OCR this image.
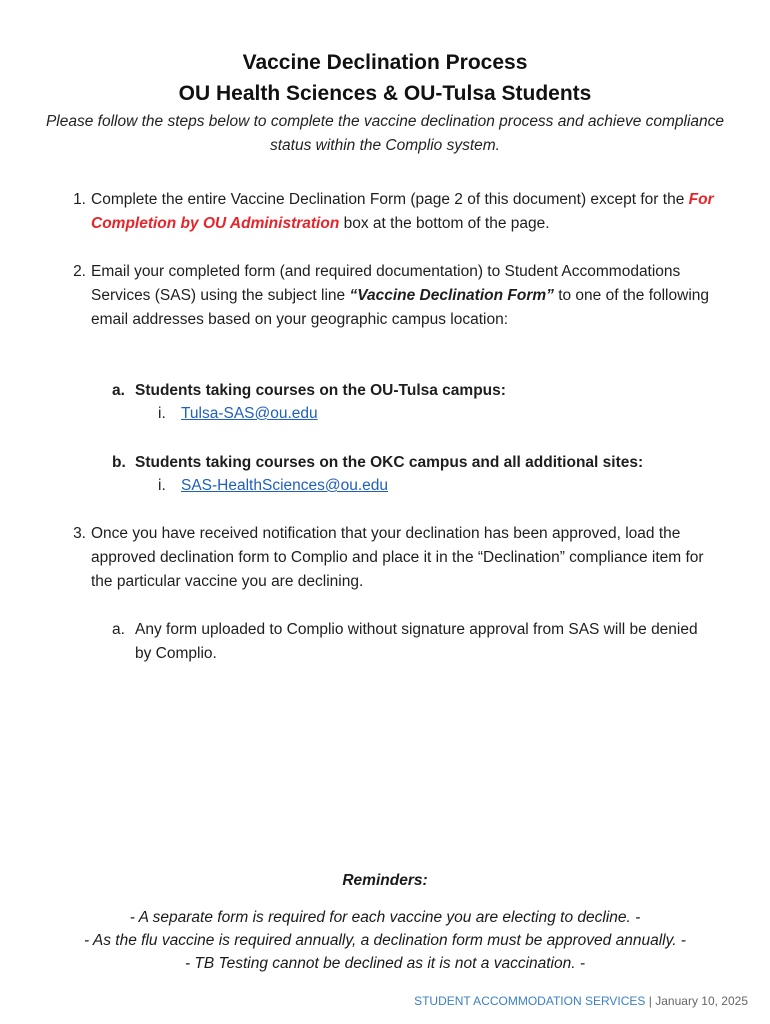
Vaccine Declination Process
OU Health Sciences & OU-Tulsa Students
Please follow the steps below to complete the vaccine declination process and achieve compliance status within the Complio system.
1. Complete the entire Vaccine Declination Form (page 2 of this document) except for the For Completion by OU Administration box at the bottom of the page.
2. Email your completed form (and required documentation) to Student Accommodations Services (SAS) using the subject line “Vaccine Declination Form” to one of the following email addresses based on your geographic campus location:
a. Students taking courses on the OU-Tulsa campus:
i. Tulsa-SAS@ou.edu
b. Students taking courses on the OKC campus and all additional sites:
i. SAS-HealthSciences@ou.edu
3. Once you have received notification that your declination has been approved, load the approved declination form to Complio and place it in the “Declination” compliance item for the particular vaccine you are declining.
a. Any form uploaded to Complio without signature approval from SAS will be denied by Complio.
Reminders:
- A separate form is required for each vaccine you are electing to decline. -
- As the flu vaccine is required annually, a declination form must be approved annually. -
- TB Testing cannot be declined as it is not a vaccination. -
STUDENT ACCOMMODATION SERVICES | January 10, 2025
